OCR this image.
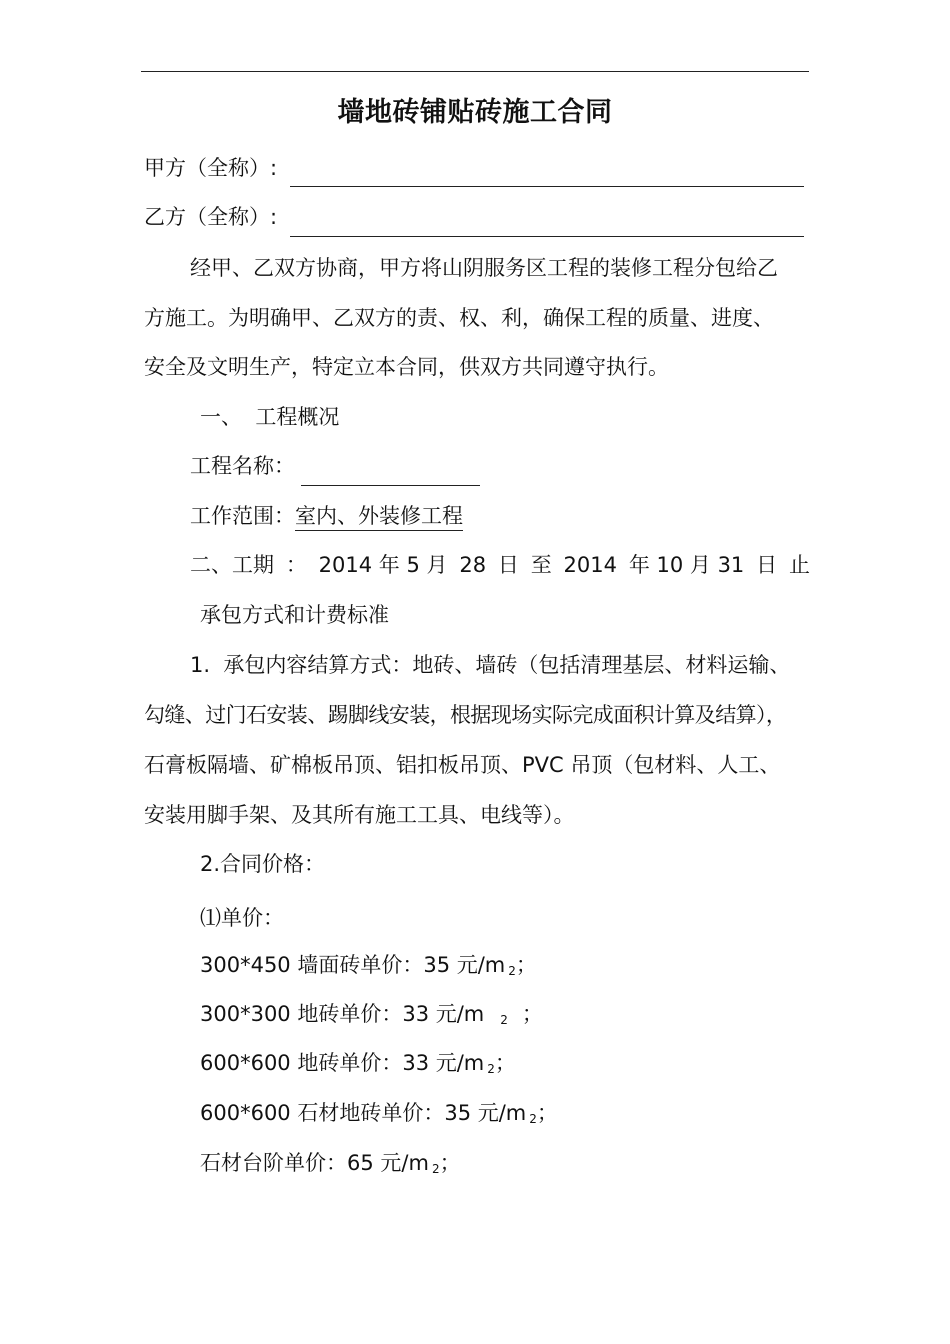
墙地砖铺贴砖施工合同
甲方（全称）:
乙方（全称）:
经甲、乙双方协商，甲方将山阴服务区工程的装修工程分包给乙
方施工。为明确甲、乙双方的责、权、利，确保工程的质量、进度、
安全及文明生产，特定立本合同，供双方共同遵守执行。
一、  工程概况
工程名称：
工作范围：室内、外装修工程
二、工期 ： 2014 年 5 月 28 日 至 2014 年 10 月 31 日 止
承包方式和计费标准
1.  承包内容结算方式：地砖、墙砖（包括清理基层、材料运输、
勾缝、过门石安装、踢脚线安装，根据现场实际完成面积计算及结算），
石膏板隔墙、矿棉板吊顶、铝扣板吊顶、PVC 吊顶（包材料、人工、
安装用脚手架、及其所有施工工具、电线等）。
2.合同价格：
⑴单价：
300*450 墙面砖单价：35 元/m $_2$；
300*300 地砖单价：33 元/m $_2$ ；
600*600 地砖单价：33 元/m $_2$；
600*600 石材地砖单价：35 元/m $_2$；
石材台阶单价：65 元/m $_2$；
